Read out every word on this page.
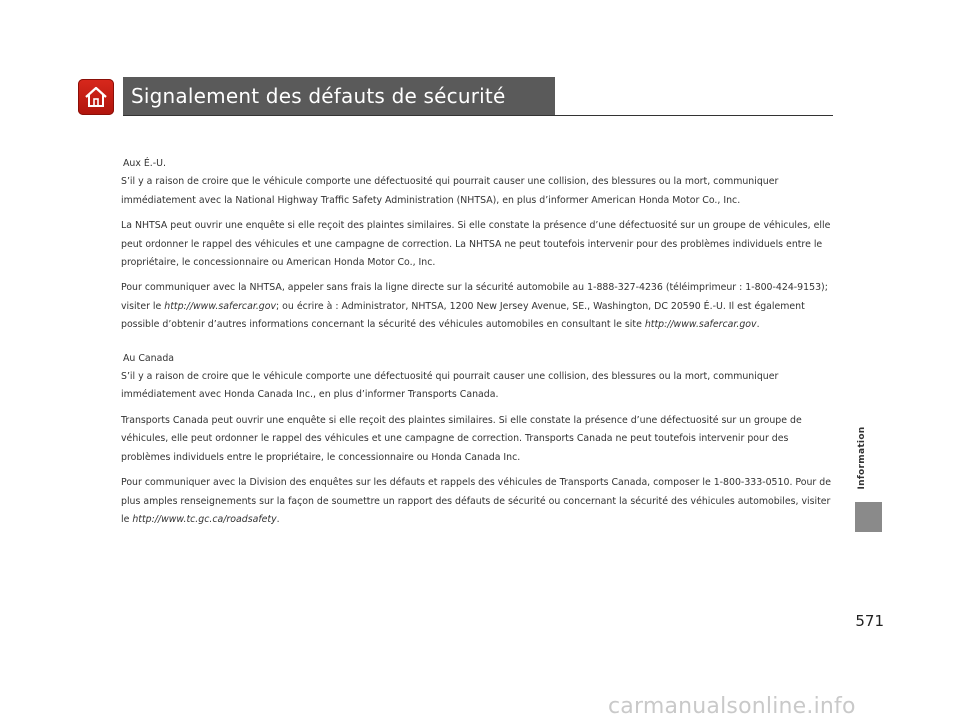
Signalement des défauts de sécurité
Aux É.-U.

S’il y a raison de croire que le véhicule comporte une défectuosité qui pourrait causer une collision, des blessures ou la mort, communiquer immédiatement avec la National Highway Traffic Safety Administration (NHTSA), en plus d’informer American Honda Motor Co., Inc.

La NHTSA peut ouvrir une enquête si elle reçoit des plaintes similaires. Si elle constate la présence d’une défectuosité sur un groupe de véhicules, elle peut ordonner le rappel des véhicules et une campagne de correction. La NHTSA ne peut toutefois intervenir pour des problèmes individuels entre le propriétaire, le concessionnaire ou American Honda Motor Co., Inc.

Pour communiquer avec la NHTSA, appeler sans frais la ligne directe sur la sécurité automobile au 1-888-327-4236 (téléimprimeur : 1-800-424-9153); visiter le http://www.safercar.gov; ou écrire à : Administrator, NHTSA, 1200 New Jersey Avenue, SE., Washington, DC 20590 É.-U. Il est également possible d’obtenir d’autres informations concernant la sécurité des véhicules automobiles en consultant le site http://www.safercar.gov.

Au Canada

S’il y a raison de croire que le véhicule comporte une défectuosité qui pourrait causer une collision, des blessures ou la mort, communiquer immédiatement avec Honda Canada Inc., en plus d’informer Transports Canada.

Transports Canada peut ouvrir une enquête si elle reçoit des plaintes similaires. Si elle constate la présence d’une défectuosité sur un groupe de véhicules, elle peut ordonner le rappel des véhicules et une campagne de correction. Transports Canada ne peut toutefois intervenir pour des problèmes individuels entre le propriétaire, le concessionnaire ou Honda Canada Inc.

Pour communiquer avec la Division des enquêtes sur les défauts et rappels des véhicules de Transports Canada, composer le 1-800-333-0510. Pour de plus amples renseignements sur la façon de soumettre un rapport des défauts de sécurité ou concernant la sécurité des véhicules automobiles, visiter le http://www.tc.gc.ca/roadsafety.

Information
571
carmanualsonline.info
